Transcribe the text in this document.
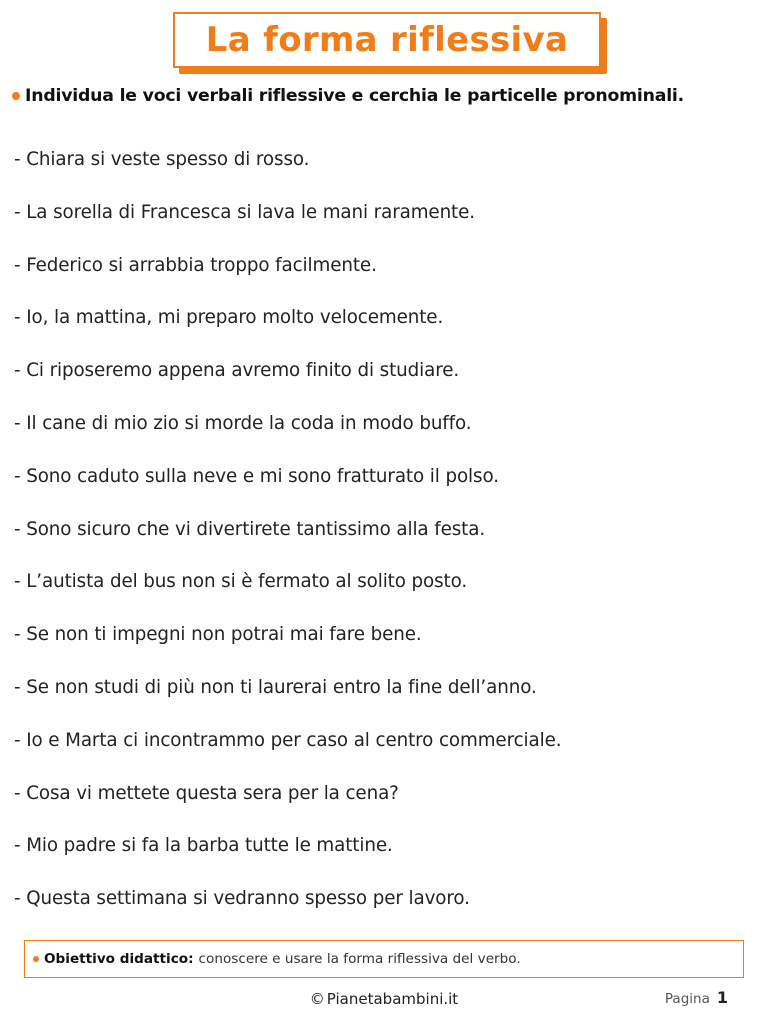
La forma riflessiva
Individua le voci verbali riflessive e cerchia le particelle pronominali.
- Chiara si veste spesso di rosso.
- La sorella di Francesca si lava le mani raramente.
- Federico si arrabbia troppo facilmente.
- Io, la mattina, mi preparo molto velocemente.
- Ci riposeremo appena avremo finito di studiare.
- Il cane di mio zio si morde la coda in modo buffo.
- Sono caduto sulla neve e mi sono fratturato il polso.
- Sono sicuro che vi divertirete tantissimo alla festa.
- L’autista del bus non si è fermato al solito posto.
- Se non ti impegni non potrai mai fare bene.
- Se non studi di più non ti laurerai entro la fine dell’anno.
- Io e Marta ci incontrammo per caso al centro commerciale.
- Cosa vi mettete questa sera per la cena?
- Mio padre si fa la barba tutte le mattine.
- Questa settimana si vedranno spesso per lavoro.
Obiettivo didattico: conoscere e usare la forma riflessiva del verbo.
© Pianetabambini.it	Pagina 1
